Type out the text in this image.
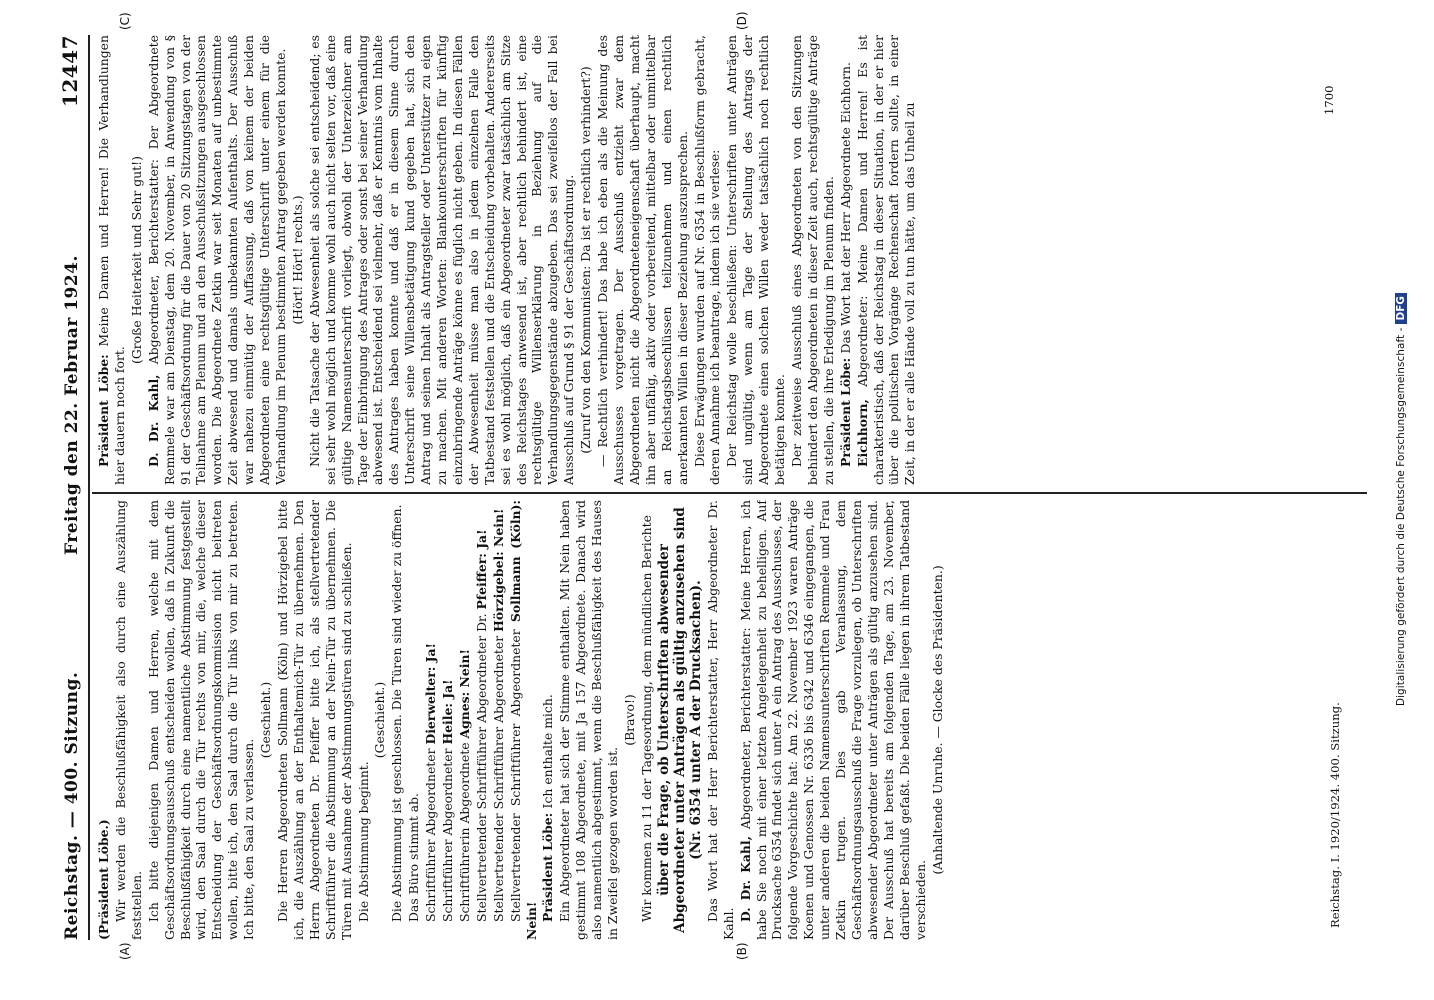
Reichstag. — 400. Sitzung.
Freitag den 22. Februar 1924.
12447
(A)	(B)
(C)	(D)

(Präsident Löbe.) Wir werden die Beschlußfähigkeit also durch eine Auszählung feststellen. Ich bitte diejenigen Damen und Herren, welche mit dem Geschäftsordnungsausschuß entscheiden wollen, daß in Zukunft die Beschlußfähigkeit durch eine namentliche Abstimmung festgestellt wird, den Saal durch die Tür rechts von mir, die, welche dieser Entscheidung der Geschäftsordnungskommission nicht beitreten wollen, bitte ich, den Saal durch die Tür links von mir zu betreten. Ich bitte, den Saal zu verlassen.

(Geschieht.) Die Herren Abgeordneten Sollmann (Köln) und Hörzigebel bitte ich, die Auszählung an der Enthaltemich-Tür zu übernehmen. Den Herrn Abgeordneten Dr. Pfeiffer bitte ich, als stellvertretender Schriftführer die Abstimmung an der Nein-Tür zu übernehmen. Die Türen mit Ausnahme der Abstimmungstüren sind zu schließen. Die Abstimmung beginnt.

(Geschieht.) Die Abstimmung ist geschlossen. Die Türen sind wieder zu öffnen. Das Büro stimmt ab. Schriftführer Abgeordneter Dierwelter: Ja!

Schriftführer Abgeordneter Heile: Ja!

Schriftführerin Abgeordnete Agnes: Nein! Stellvertretender Schriftführer Abgeordneter Dr. Pfeiffer: Ja!

Stellvertretender Schriftführer Abgeordneter Hörzigebel: Nein!

Stellvertretender Schriftführer Abgeordneter Sollmann (Köln): Nein! Präsident Löbe: Ich enthalte mich. Ein Abgeordneter hat sich der Stimme enthalten. Mit Nein haben gestimmt 108 Abgeordnete, mit Ja 157 Abgeordnete. Danach wird also namentlich abgestimmt, wenn die Beschlußfähigkeit des Hauses in Zweifel gezogen worden ist.

(Bravo!) Wir kommen zu 11 der Tagesordnung, dem mündlichen Berichte über die Frage, ob Unterschriften abwesender Abgeordneter unter Anträgen als gültig anzusehen sind (Nr. 6354 unter A der Drucksachen). Das Wort hat der Herr Berichterstatter, Herr Abgeordneter Dr. Kahl.

D. Dr. Kahl, Abgeordneter, Berichterstatter: Meine Herren, ich habe Sie noch mit einer letzten Angelegenheit zu behelligen. Auf Drucksache 6354 findet sich unter A ein Antrag des Ausschusses, der folgende Vorgeschichte hat: Am 22. November 1923 waren Anträge Koenen und Genossen Nr. 6336 bis 6342 und 6346 eingegangen, die unter anderen die beiden Namensunterschriften Remmele und Frau Zetkin trugen. Dies gab Veranlassung, dem Geschäftsordnungsausschuß die Frage vorzulegen, ob Unterschriften abwesender Abgeordneter unter Anträgen als gültig anzusehen sind. Der Ausschuß hat bereits am folgenden Tage, am 23. November, darüber Beschluß gefaßt. Die beiden Fälle liegen in ihrem Tatbestand verschieden.

(Anhaltende Unruhe. — Glocke des Präsidenten.)

Präsident Löbe: Meine Damen und Herren! Die Verhandlungen hier dauern noch fort.

(Große Heiterkeit und Sehr gut!)

D. Dr. Kahl, Abgeordneter, Berichterstatter: Der Abgeordnete Remmele war am Dienstag, dem 20. November, in Anwendung von § 91 der Geschäftsordnung für die Dauer von 20 Sitzungstagen von der Teilnahme am Plenum und an den Ausschußsitzungen ausgeschlossen worden. Die Abgeordnete Zetkin war seit Monaten auf unbestimmte Zeit abwesend und damals unbekannten Aufenthalts. Der Ausschuß war nahezu einmütig der Auffassung, daß von keinem der beiden Abgeordneten eine rechtsgültige Unterschrift unter einem für die Verhandlung im Plenum bestimmten Antrag gegeben werden konnte. (Hört! Hört! rechts.) Nicht die Tatsache der Abwesenheit als solche sei entscheidend; es sei sehr wohl möglich und komme wohl auch nicht selten vor, daß eine gültige Namensunterschrift vorliegt, obwohl der Unterzeichner am Tage der Einbringung des Antrages oder sonst bei seiner Verhandlung abwesend ist. Entscheidend sei vielmehr, daß er Kenntnis vom Inhalte des Antrages haben konnte und daß er in diesem Sinne durch Unterschrift seine Willensbetätigung kund gegeben hat, sich den Antrag und seinen Inhalt als Antragsteller oder Unterstützer zu eigen zu machen. Mit anderen Worten: Blankounterschriften für künftig einzubringende Anträge könne es füglich nicht geben. In diesen Fällen der Abwesenheit müsse man also in jedem einzelnen Falle den Tatbestand feststellen und die Entscheidung vorbehalten. Andererseits sei es wohl möglich, daß ein Abgeordneter zwar tatsächlich am Sitze des Reichstages anwesend ist, aber rechtlich behindert ist, eine rechtsgültige Willenserklärung in Beziehung auf die Verhandlungsgegenstände abzugeben. Das sei zweifellos der Fall bei Ausschluß auf Grund § 91 der Geschäftsordnung. (Zuruf von den Kommunisten: Da ist er rechtlich verhindert?) — Rechtlich verhindert! Das habe ich eben als die Meinung des Ausschusses vorgetragen. Der Ausschuß entzieht zwar dem Abgeordneten nicht die Abgeordneteneigenschaft überhaupt, macht ihn aber unfähig, aktiv oder vorbereitend, mittelbar oder unmittelbar an Reichstagsbeschlüssen teilzunehmen und einen rechtlich anerkannten Willen in dieser Beziehung auszusprechen. Diese Erwägungen wurden auf Nr. 6354 in Beschlußform gebracht, deren Annahme ich beantrage, indem ich sie verlese: Der Reichstag wolle beschließen: Unterschriften unter Anträgen sind ungültig, wenn am Tage der Stellung des Antrags der Abgeordnete einen solchen Willen weder tatsächlich noch rechtlich betätigen konnte. Der zeitweise Ausschluß eines Abgeordneten von den Sitzungen behindert den Abgeordneten in dieser Zeit auch, rechtsgültige Anträge zu stellen, die ihre Erledigung im Plenum finden. Präsident Löbe: Das Wort hat der Herr Abgeordnete Eichhorn.

Eichhorn, Abgeordneter: Meine Damen und Herren! Es ist charakteristisch, daß der Reichstag in dieser Situation, in der er hier über die politischen Vorgänge Rechenschaft fordern sollte, in einer Zeit, in der er alle Hände voll zu tun hätte, um das Unheil zu

Reichstag. I. 1920/1924. 400. Sitzung.
1700
Digitalisierung gefördert durch die Deutsche Forschungsgemeinschaft -DFG
